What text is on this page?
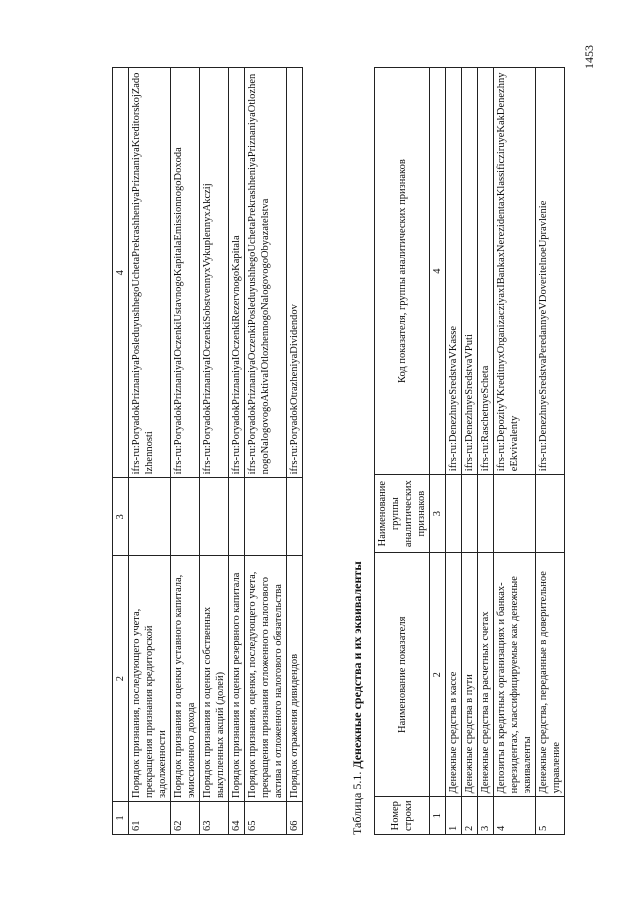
1	2	3	4
61	Порядок признания, последующего учета, прекращения признания кредиторской задолженности		ifrs-ru:PoryadokPriznaniyaPosleduyushhegoUchetaPrekrashheniyaPriznaniyaKreditorskojZadolzhennosti
62	Порядок признания и оценки уставного капитала, эмиссионного дохода		ifrs-ru:PoryadokPriznaniyaIOczenkiUstavnogoKapitalaEmissionnogoDoxoda
63	Порядок признания и оценки собственных выкупленных акций (долей)		ifrs-ru:PoryadokPriznaniyaIOczenkiSobstvennyxVykuplennyxAkczij
64	Порядок признания и оценки резервного капитала		ifrs-ru:PoryadokPriznaniyaIOczenkiRezervnogoKapitala
65	Порядок признания, оценки, последующего учета, прекращения признания отложенного налогового актива и отложенного налогового обязательства		ifrs-ru:PoryadokPriznaniyaOczenkiPosleduyushhegoUchetaPrekrashheniyaPriznaniyaOtlozhennogoNalogovogoAktivaIOtlozhennogoNalogovogoObyazatelstva
66	Порядок отражения дивидендов		ifrs-ru:PoryadokOtrazheniyaDividendov
Таблица 5.1. Денежные средства и их эквиваленты
Номер строки	Наименование показателя	Наименование группы аналитических признаков	Код показателя, группы аналитических признаков
1	2	3	4
1	Денежные средства в кассе		ifrs-ru:DenezhnyeSredstvaVKasse
2	Денежные средства в пути		ifrs-ru:DenezhnyeSredstvaVPuti
3	Денежные средства на расчетных счетах		ifrs-ru:RaschetnyeScheta
4	Депозиты в кредитных организациях и банках-нерезидентах, классифицируемые как денежные эквиваленты		ifrs-ru:DepozityVKreditnyxOrganizacziyaxIBankaxNerezidentaxKlassificziruyeKakDenezhnyeEkvivalenty
5	Денежные средства, переданные в доверительное управление		ifrs-ru:DenezhnyeSredstvaPeredannyeVDoveritelnoeUpravlenie
1453
